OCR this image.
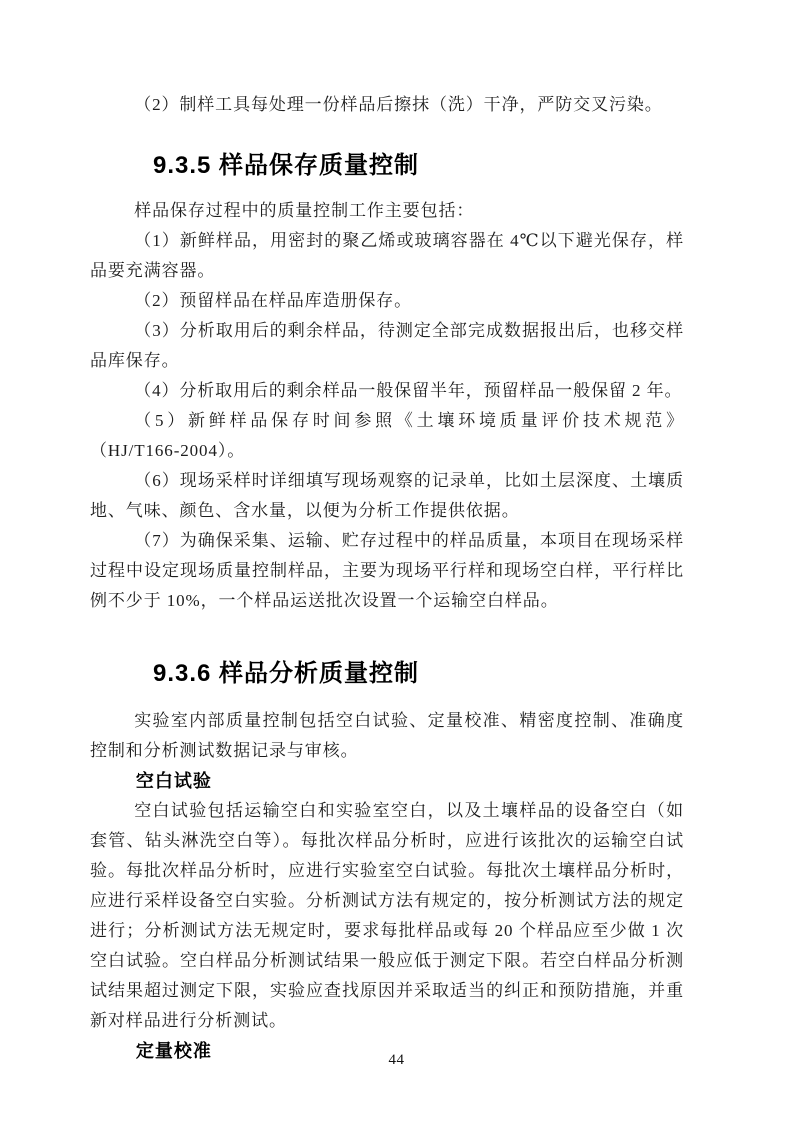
（2）制样工具每处理一份样品后擦抹（洗）干净，严防交叉污染。
9.3.5 样品保存质量控制
样品保存过程中的质量控制工作主要包括：
（1）新鲜样品，用密封的聚乙烯或玻璃容器在 4℃以下避光保存，样品要充满容器。
（2）预留样品在样品库造册保存。
（3）分析取用后的剩余样品，待测定全部完成数据报出后，也移交样品库保存。
（4）分析取用后的剩余样品一般保留半年，预留样品一般保留 2 年。
（5）新鲜样品保存时间参照《土壤环境质量评价技术规范》（HJ/T166-2004）。
（6）现场采样时详细填写现场观察的记录单，比如土层深度、土壤质地、气味、颜色、含水量，以便为分析工作提供依据。
（7）为确保采集、运输、贮存过程中的样品质量，本项目在现场采样过程中设定现场质量控制样品，主要为现场平行样和现场空白样，平行样比例不少于 10%，一个样品运送批次设置一个运输空白样品。
9.3.6 样品分析质量控制
实验室内部质量控制包括空白试验、定量校准、精密度控制、准确度控制和分析测试数据记录与审核。
空白试验
空白试验包括运输空白和实验室空白，以及土壤样品的设备空白（如套管、钻头淋洗空白等）。每批次样品分析时，应进行该批次的运输空白试验。每批次样品分析时，应进行实验室空白试验。每批次土壤样品分析时，应进行采样设备空白实验。分析测试方法有规定的，按分析测试方法的规定进行；分析测试方法无规定时，要求每批样品或每 20 个样品应至少做 1 次空白试验。空白样品分析测试结果一般应低于测定下限。若空白样品分析测试结果超过测定下限，实验应查找原因并采取适当的纠正和预防措施，并重新对样品进行分析测试。
定量校准	44
